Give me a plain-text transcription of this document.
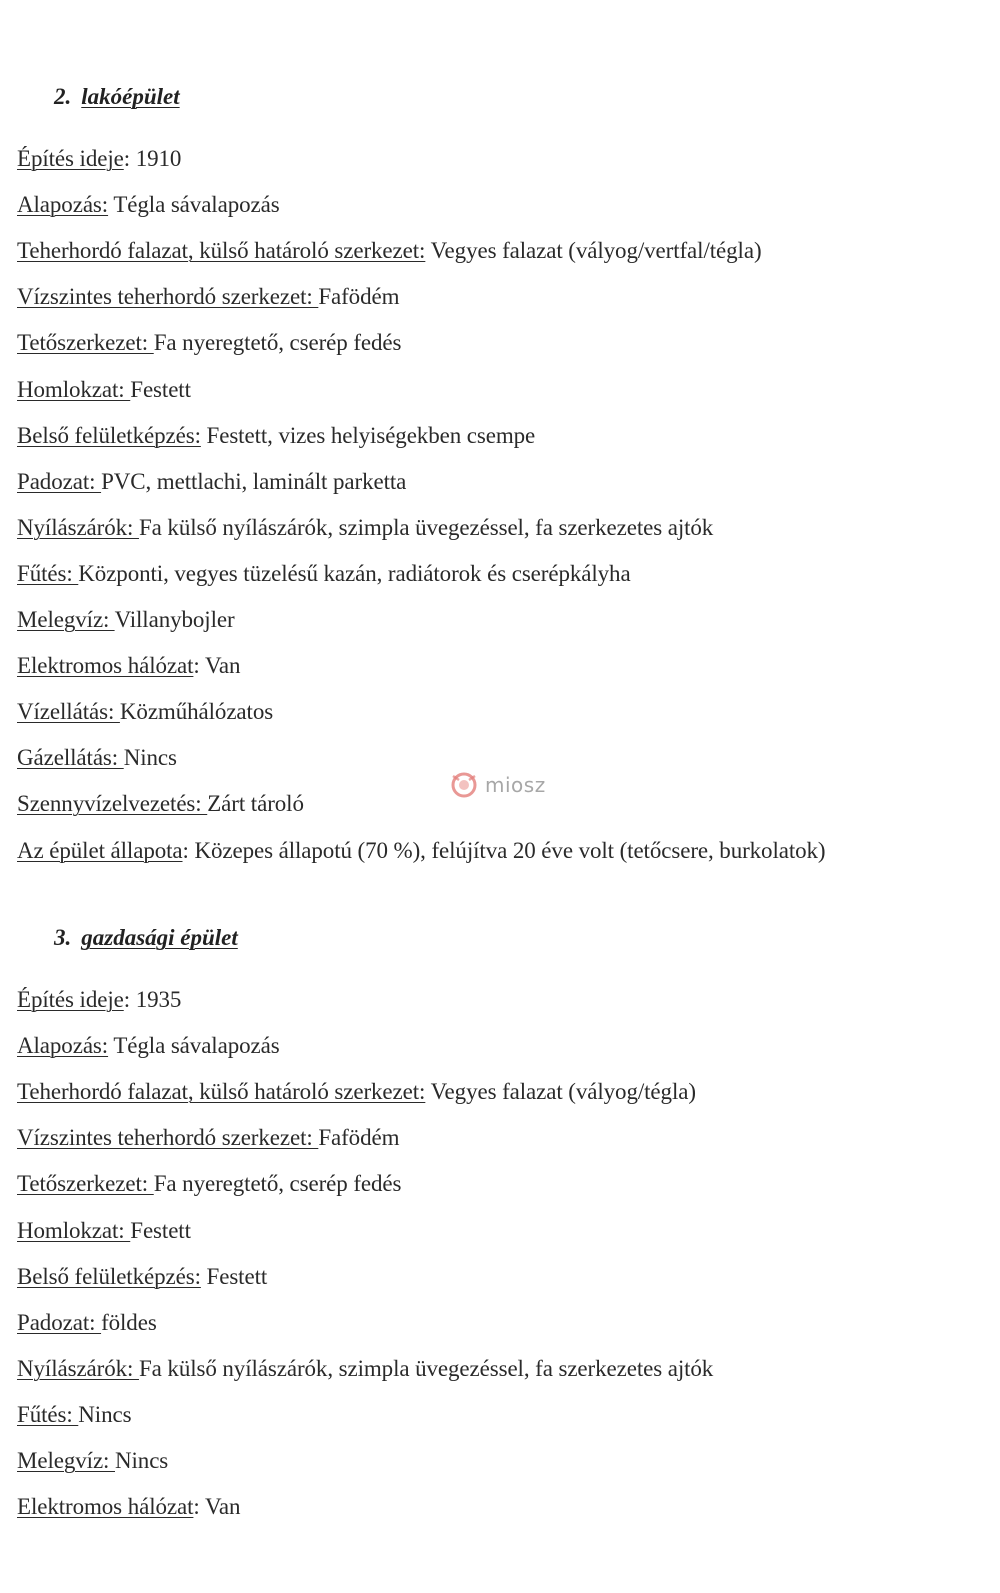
2. lakóépület
Építés ideje: 1910
Alapozás: Tégla sávalapozás
Teherhordó falazat, külső határoló szerkezet: Vegyes falazat (vályog/vertfal/tégla)
Vízszintes teherhordó szerkezet: Faföd​ém
Tetőszerkezet: Fa nyeregtető, cserép fedés
Homlokzat: Festett
Belső felületképzés: Festett, vizes helyiségekben csempe
Padozat: PVC, mettlachi, laminált parketta
Nyílászárók: Fa külső nyílászárók, szimpla üvegezéssel, fa szerkezetes ajtók
Fűtés: Központi, vegyes tüzelésű kazán, radiátorok és cserépkályha
Melegvíz: Villanybojler
Elektromos hálózat: Van
Vízellátás: Közműhálózatos
Gázellátás: Nincs
Szennyvízelvezetés: Zárt tároló
Az épület állapota: Közepes állapotú (70 %), felújítva 20 éve volt (tetőcsere, burkolatok)
3. gazdasági épület
Építés ideje: 1935
Alapozás: Tégla sávalapozás
Teherhordó falazat, külső határoló szerkezet: Vegyes falazat (vályog/tégla)
Vízszintes teherhordó szerkezet: Faföd​ém
Tetőszerkezet: Fa nyeregtető, cserép fedés
Homlokzat: Festett
Belső felületképzés: Festett
Padozat: földes
Nyílászárók: Fa külső nyílászárók, szimpla üvegezéssel, fa szerkezetes ajtók
Fűtés: Nincs
Melegvíz: Nincs
Elektromos hálózat: Van
miosz
